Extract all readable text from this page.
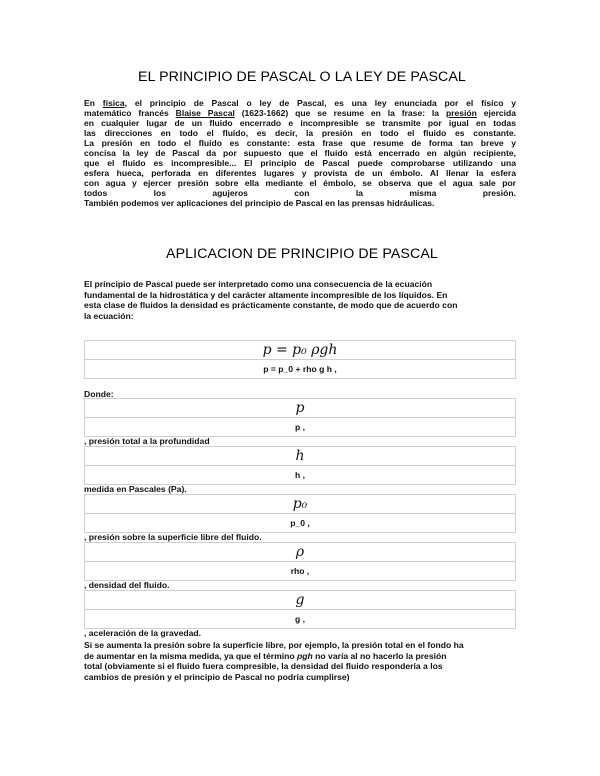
EL PRINCIPIO DE PASCAL O LA LEY DE PASCAL
En física, el principio de Pascal o ley de Pascal, es una ley enunciada por el físico y
matemático francés Blaise Pascal (1623-1662) que se resume en la frase: la presión ejercida
en cualquier lugar de un fluido encerrado e incompresible se transmite por igual en todas
las direcciones en todo el fluido, es decir, la presión en todo el fluido es constante.
La presión en todo el fluido es constante: esta frase que resume de forma tan breve y
concisa la ley de Pascal da por supuesto que el fluido está encerrado en algún recipiente,
que el fluido es incompresible... El principio de Pascal puede comprobarse utilizando una
esfera hueca, perforada en diferentes lugares y provista de un émbolo. Al llenar la esfera
con agua y ejercer presión sobre ella mediante el émbolo, se observa que el agua sale por
todos los agujeros con la misma presión.
También podemos ver aplicaciones del principio de Pascal en las prensas hidráulicas.
APLICACION DE PRINCIPIO DE PASCAL
El principio de Pascal puede ser interpretado como una consecuencia de la ecuación
fundamental de la hidrostática y del carácter altamente incompresible de los líquidos. En
esta clase de fluidos la densidad es prácticamente constante, de modo que de acuerdo con
la ecuación:
p = p₀ ρgh
p = p_0 + rho g h ,
Donde:
p
p ,
, presión total a la profundidad
h
h ,
medida en Pascales (Pa).
p₀
p_0 ,
, presión sobre la superficie libre del fluido.
ρ
rho ,
, densidad del fluido.
g
g ,
, aceleración de la gravedad.
Si se aumenta la presión sobre la superficie libre, por ejemplo, la presión total en el fondo ha
de aumentar en la misma medida, ya que el término pgh no varía al no hacerlo la presión
total (obviamente si el fluido fuera compresible, la densidad del fluido respondería a los
cambios de presión y el principio de Pascal no podría cumplirse)
